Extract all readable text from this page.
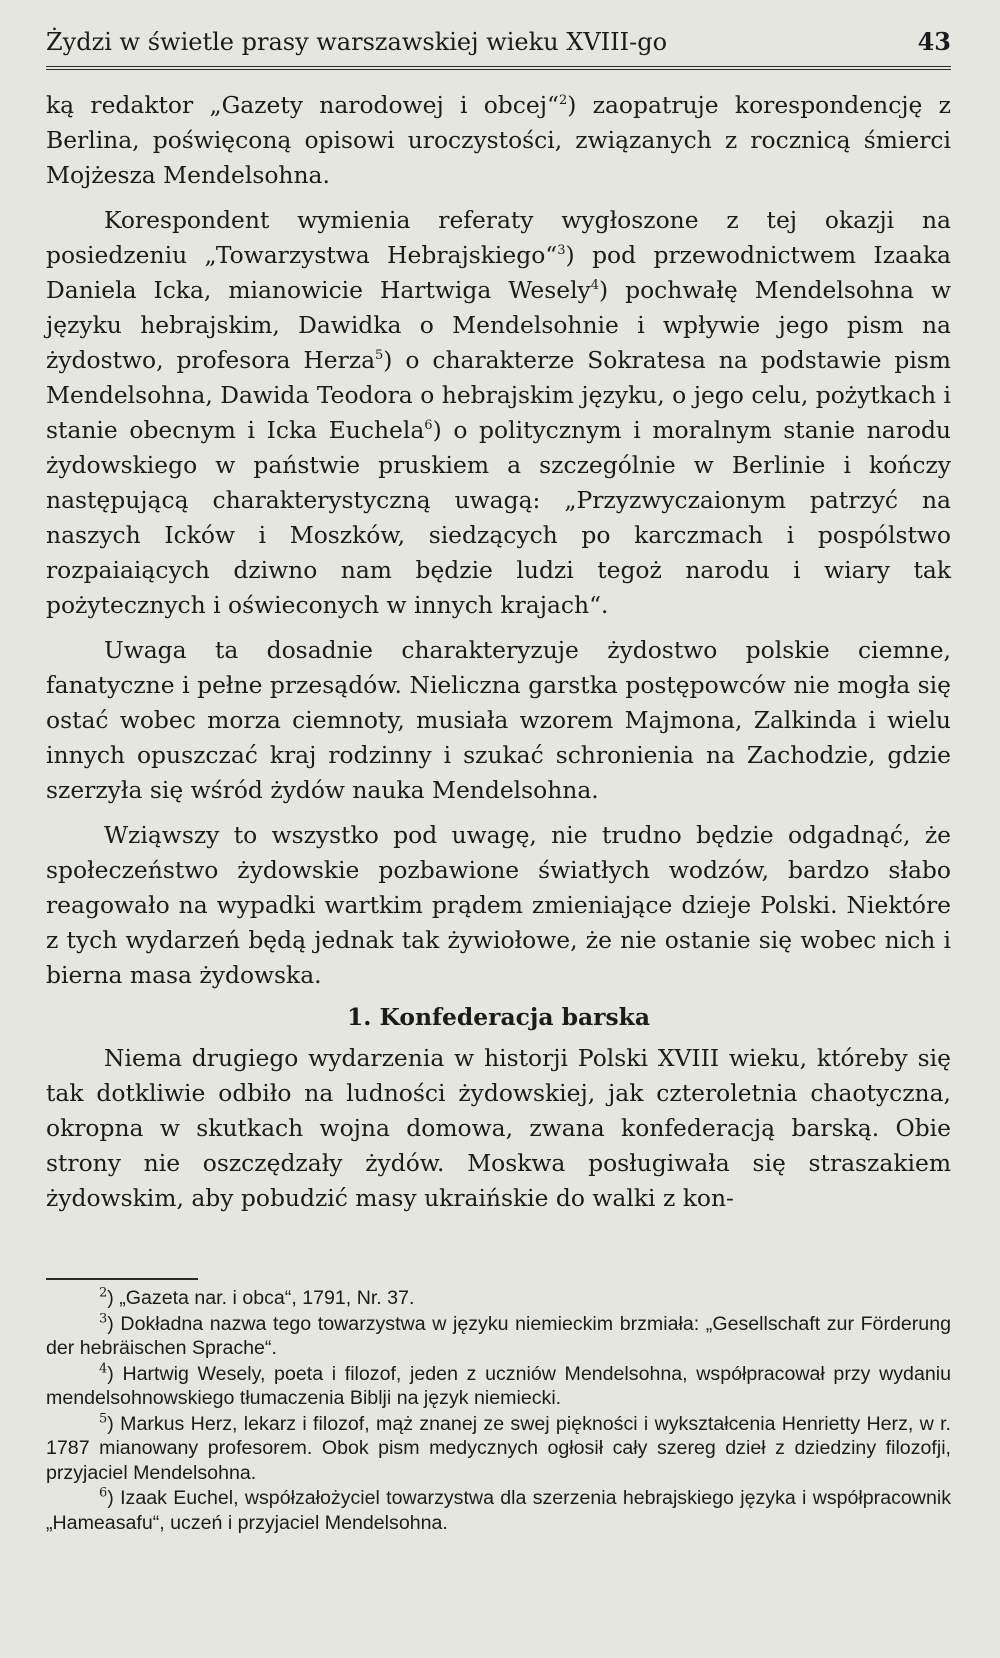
Żydzi w świetle prasy warszawskiej wieku XVIII-go	43

ką redaktor „Gazety narodowej i obcej“$^2$) zaopatruje korespondencję z Berlina, poświęconą opisowi uroczystości, związanych z rocznicą śmierci Mojżesza Mendelsohna.

Korespondent wymienia referaty wygłoszone z tej okazji na posiedzeniu „Towarzystwa Hebrajskiego“$^3$) pod przewodnictwem Izaaka Daniela Icka, mianowicie Hartwiga Wesely$^4$) pochwałę Mendelsohna w języku hebrajskim, Dawidka o Mendelsohnie i wpływie jego pism na żydostwo, profesora Herza$^5$) o charakterze Sokratesa na podstawie pism Mendelsohna, Dawida Teodora o hebrajskim języku, o jego celu, pożytkach i stanie obecnym i Icka Euchela$^6$) o politycznym i moralnym stanie narodu żydowskiego w państwie pruskiem a szczególnie w Berlinie i kończy następującą charakterystyczną uwagą: „Przyzwyczaionym patrzyć na naszych Icków i Moszków, siedzących po karczmach i pospólstwo rozpaiaiących dziwno nam będzie ludzi tegoż narodu i wiary tak pożytecznych i oświeconych w innych krajach“.

Uwaga ta dosadnie charakteryzuje żydostwo polskie ciemne, fanatyczne i pełne przesądów. Nieliczna garstka postępowców nie mogła się ostać wobec morza ciemnoty, musiała wzorem Majmona, Zalkinda i wielu innych opuszczać kraj rodzinny i szukać schronienia na Zachodzie, gdzie szerzyła się wśród żydów nauka Mendelsohna.

Wziąwszy to wszystko pod uwagę, nie trudno będzie odgadnąć, że społeczeństwo żydowskie pozbawione światłych wodzów, bardzo słabo reagowało na wypadki wartkim prądem zmieniające dzieje Polski. Niektóre z tych wydarzeń będą jednak tak żywiołowe, że nie ostanie się wobec nich i bierna masa żydowska.

1. Konfederacja barska

Niema drugiego wydarzenia w historji Polski XVIII wieku, któreby się tak dotkliwie odbiło na ludności żydowskiej, jak czteroletnia chaotyczna, okropna w skutkach wojna domowa, zwana konfederacją barską. Obie strony nie oszczędzały żydów. Moskwa posługiwała się straszakiem żydowskim, aby pobudzić masy ukraińskie do walki z kon-

$^2$) „Gazeta nar. i obca“, 1791, Nr. 37.

$^3$) Dokładna nazwa tego towarzystwa w języku niemieckim brzmiała: „Gesellschaft zur Förderung der hebräischen Sprache“.

$^4$) Hartwig Wesely, poeta i filozof, jeden z uczniów Mendelsohna, współpracował przy wydaniu mendelsohnowskiego tłumaczenia Biblji na język niemiecki.

$^5$) Markus Herz, lekarz i filozof, mąż znanej ze swej piękności i wykształcenia Henrietty Herz, w r. 1787 mianowany profesorem. Obok pism medycznych ogłosił cały szereg dzieł z dziedziny filozofji, przyjaciel Mendelsohna.

$^6$) Izaak Euchel, współzałożyciel towarzystwa dla szerzenia hebrajskiego języka i współpracownik „Hameasafu“, uczeń i przyjaciel Mendelsohna.
